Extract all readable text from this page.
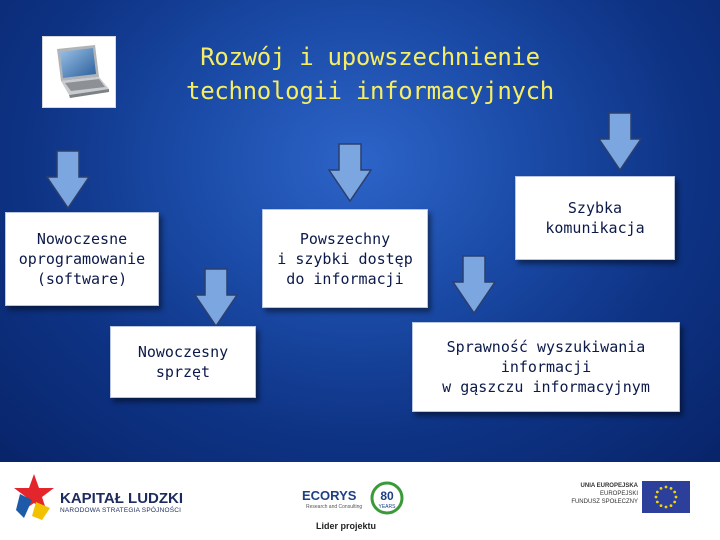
Rozwój i upowszechnienie
technologii informacyjnych
Nowoczesne
oprogramowanie
(software)
Nowoczesny
sprzęt
Powszechny
i szybki dostęp
do informacji
Szybka
komunikacja
Sprawność wyszukiwania
informacji
w gąszczu informacyjnym
KAPITAŁ LUDZKI
NARODOWA STRATEGIA SPÓJNOŚCI
ECORYS
Research and Consulting
80
YEARS
Lider projektu
UNIA EUROPEJSKA
EUROPEJSKI
FUNDUSZ SPOŁECZNY
